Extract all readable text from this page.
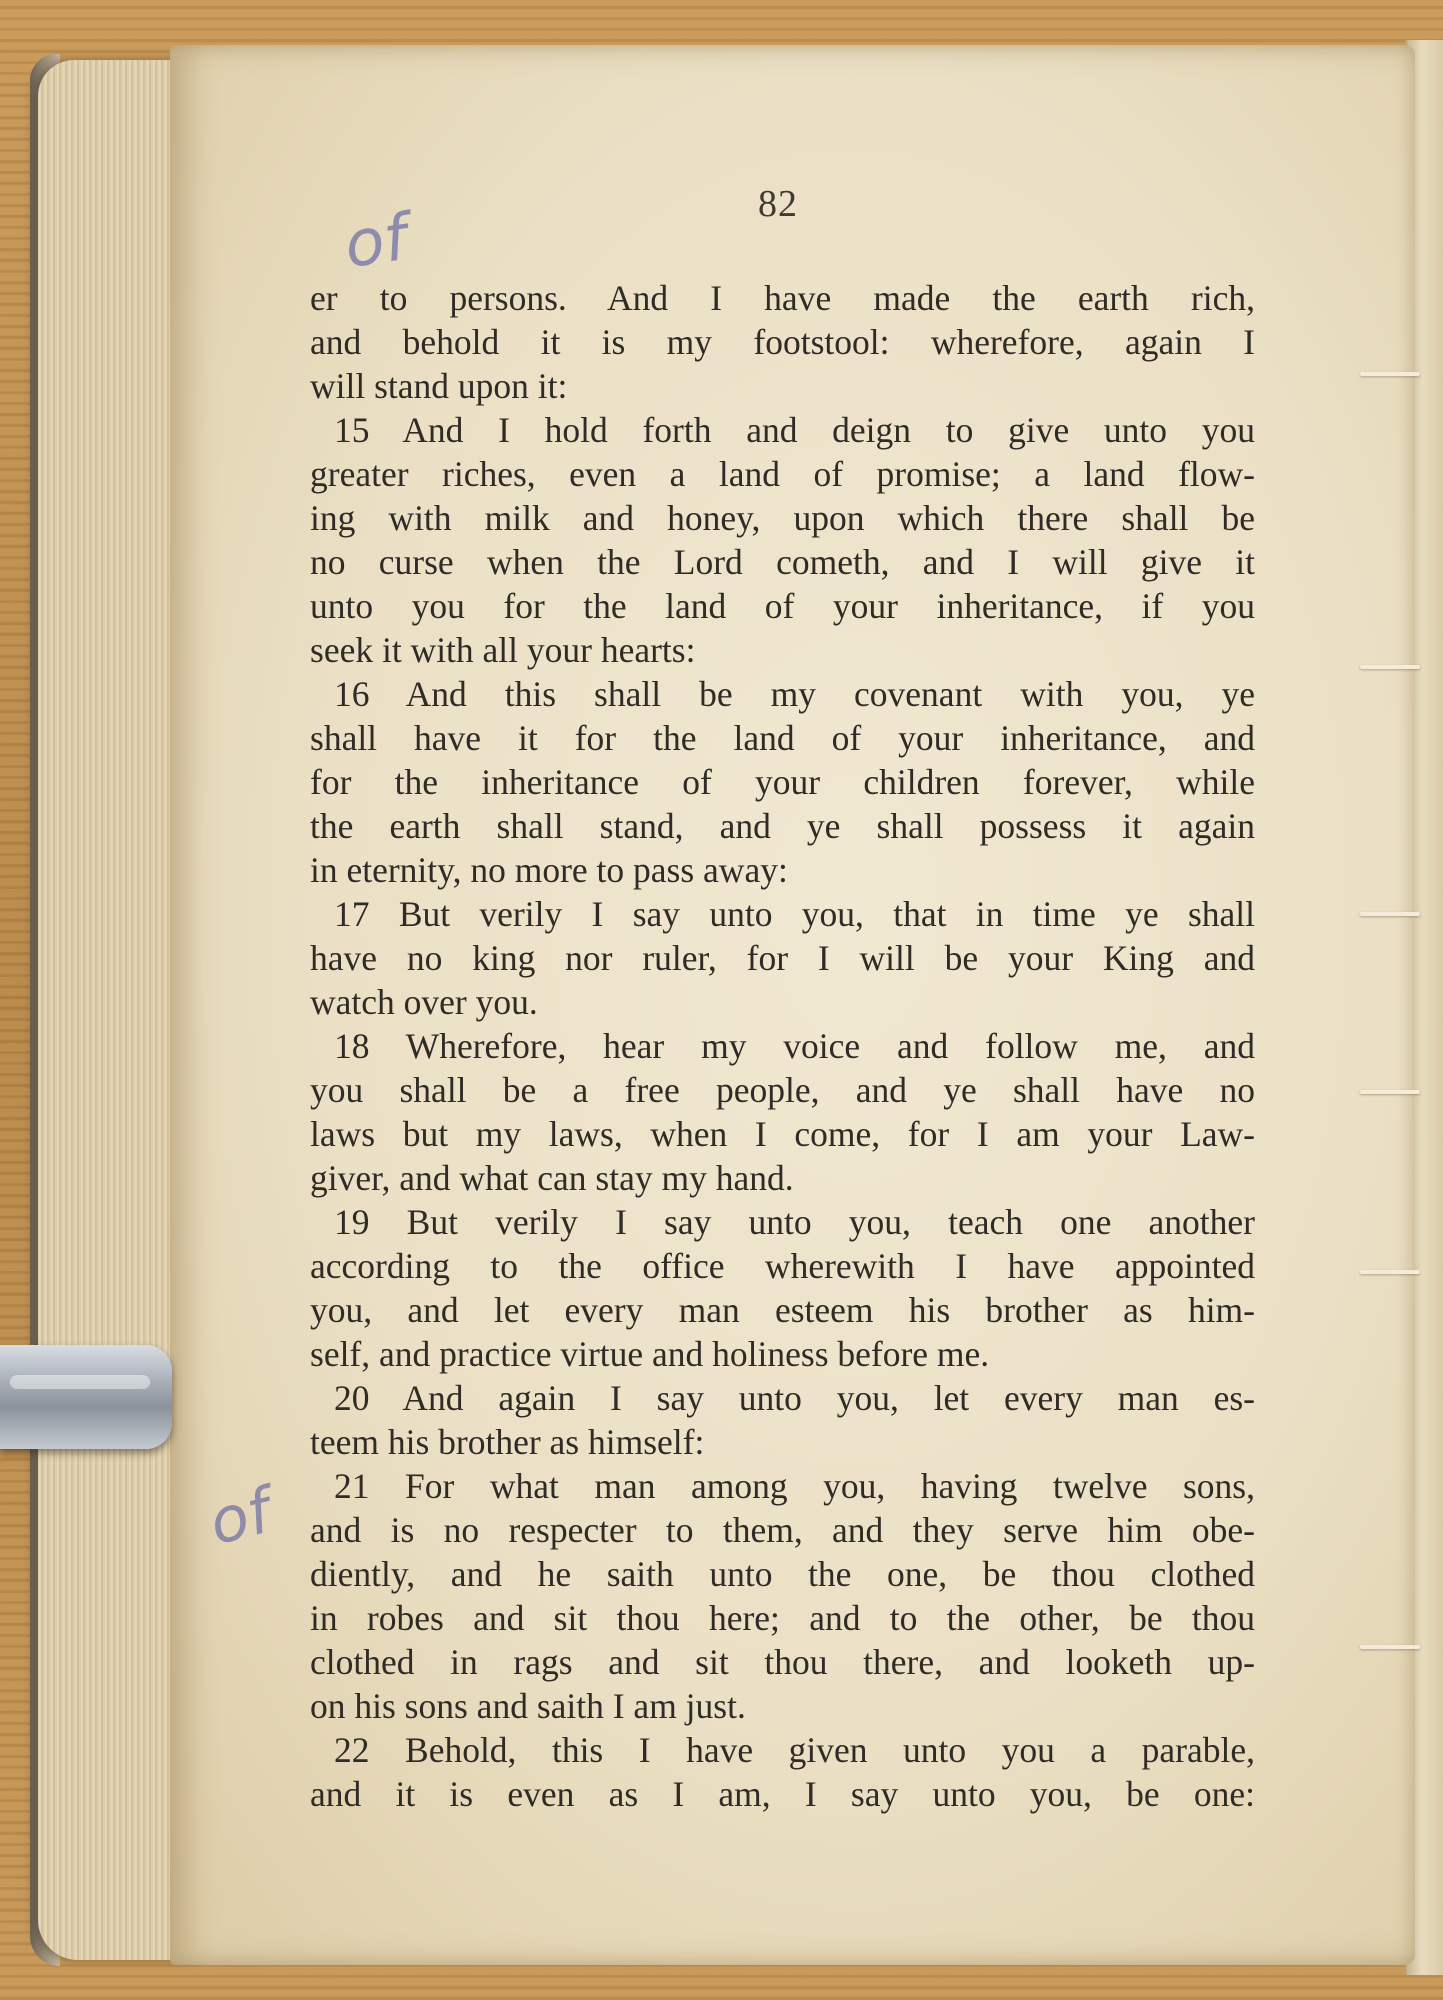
82
of
of
er to persons. And I have made the earth rich,
and behold it is my footstool: wherefore, again I
will stand upon it:
15 And I hold forth and deign to give unto you
greater riches, even a land of promise; a land flow-
ing with milk and honey, upon which there shall be
no curse when the Lord cometh, and I will give it
unto you for the land of your inheritance, if you
seek it with all your hearts:
16 And this shall be my covenant with you, ye
shall have it for the land of your inheritance, and
for the inheritance of your children forever, while
the earth shall stand, and ye shall possess it again
in eternity, no more to pass away:
17 But verily I say unto you, that in time ye shall
have no king nor ruler, for I will be your King and
watch over you.
18 Wherefore, hear my voice and follow me, and
you shall be a free people, and ye shall have no
laws but my laws, when I come, for I am your Law-
giver, and what can stay my hand.
19 But verily I say unto you, teach one another
according to the office wherewith I have appointed
you, and let every man esteem his brother as him-
self, and practice virtue and holiness before me.
20 And again I say unto you, let every man es-
teem his brother as himself:
21 For what man among you, having twelve sons,
and is no respecter to them, and they serve him obe-
diently, and he saith unto the one, be thou clothed
in robes and sit thou here; and to the other, be thou
clothed in rags and sit thou there, and looketh up-
on his sons and saith I am just.
22 Behold, this I have given unto you a parable,
and it is even as I am, I say unto you, be one:
